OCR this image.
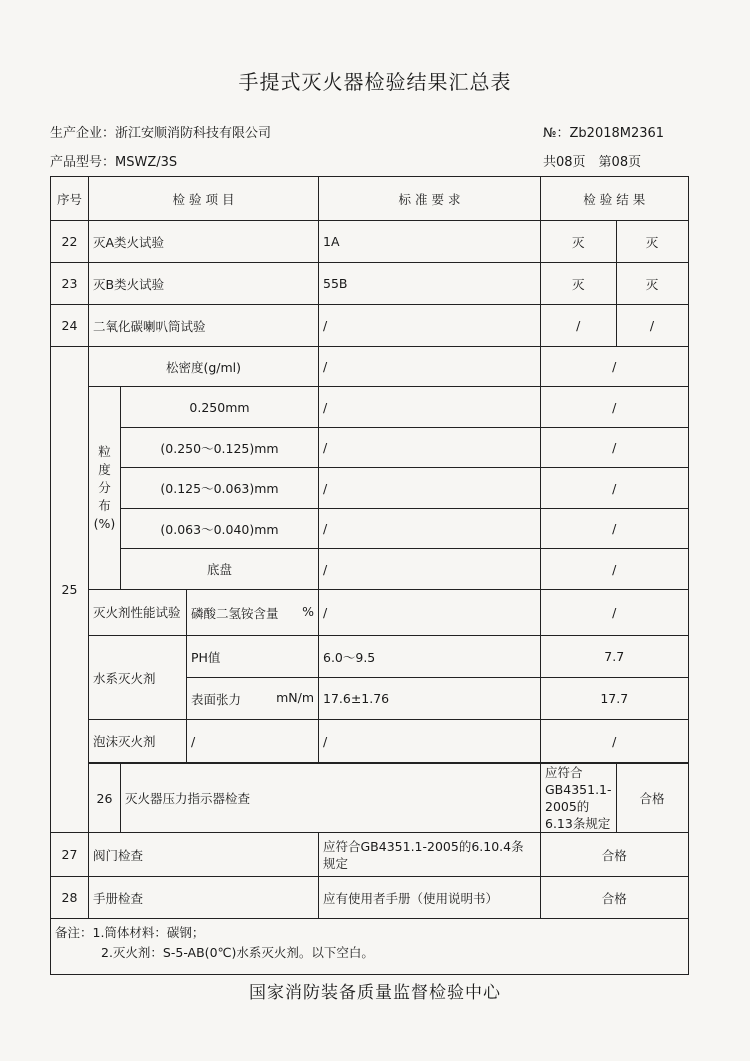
手提式灭火器检验结果汇总表
生产企业：浙江安顺消防科技有限公司	№：Zb2018M2361
产品型号：MSWZ/3S	共08页　第08页
序号	检 验 项 目			标 准 要 求	检 验 结 果	
22	灭A类火试验			1A	灭	灭
23	灭B类火试验			55B	灭	灭
24	二氧化碳喇叭筒试验			/	/	/
25	松密度(g/ml)			/	/	

	粒
度
分
布
(%)	0.250mm		/	/	
		(0.250～0.125)mm		/	/	
		(0.125～0.063)mm		/	/	
		(0.063～0.040)mm		/	/	
		底盘		/	/	
	灭火剂性能试验		磷酸二氢铵含量 %	/	/	
	水系灭火剂		PH值	6.0～9.5	7.7	
			表面张力 mN/m	17.6±1.76	17.7	
	泡沫灭火剂		/	/	/	

	26	灭火器压力指示器检查			应符合GB4351.1-2005的6.13条规定	合格
27	阀门检查			应符合GB4351.1-2005的6.10.4条规定	合格	
28	手册检查			应有使用者手册（使用说明书）	合格	

备注：1.筒体材料：碳钢；
2.灭火剂：S-5-AB(0℃)水系灭火剂。以下空白。						
国家消防装备质量监督检验中心
